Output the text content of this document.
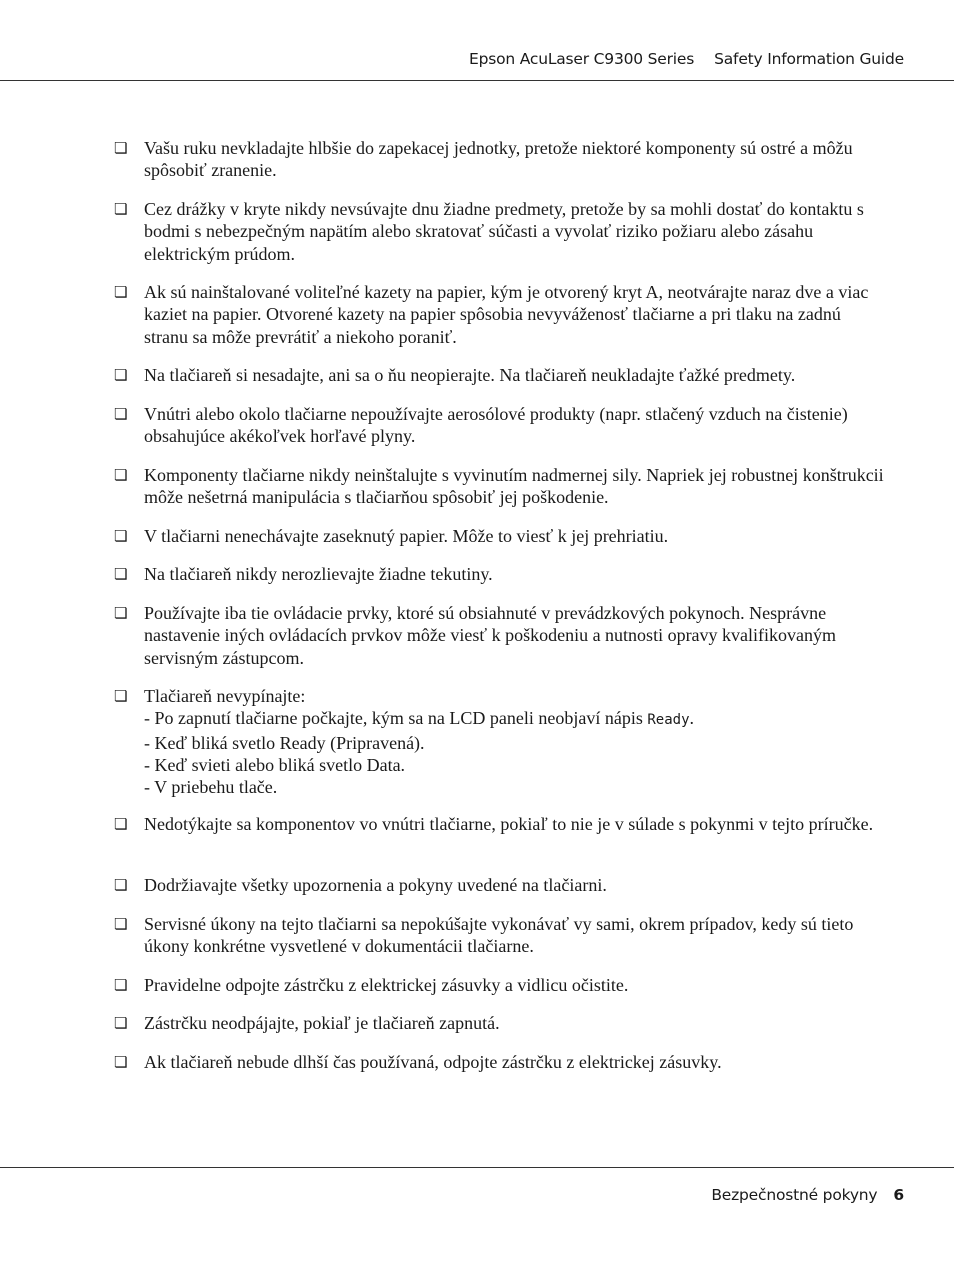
Epson AcuLaser C9300 Series Safety Information Guide
❏ Vašu ruku nevkladajte hlbšie do zapekacej jednotky, pretože niektoré komponenty sú ostré a môžu spôsobiť zranenie.
❏ Cez drážky v kryte nikdy nevsúvajte dnu žiadne predmety, pretože by sa mohli dostať do kontaktu s bodmi s nebezpečným napätím alebo skratovať súčasti a vyvolať riziko požiaru alebo zásahu elektrickým prúdom.
❏ Ak sú nainštalované voliteľné kazety na papier, kým je otvorený kryt A, neotvárajte naraz dve a viac kaziet na papier. Otvorené kazety na papier spôsobia nevyváženosť tlačiarne a pri tlaku na zadnú stranu sa môže prevrátiť a niekoho poraniť.
❏ Na tlačiareň si nesadajte, ani sa o ňu neopierajte. Na tlačiareň neukladajte ťažké predmety.
❏ Vnútri alebo okolo tlačiarne nepoužívajte aerosólové produkty (napr. stlačený vzduch na čistenie) obsahujúce akékoľvek horľavé plyny.
❏ Komponenty tlačiarne nikdy neinštalujte s vyvinutím nadmernej sily. Napriek jej robustnej konštrukcii môže nešetrná manipulácia s tlačiarňou spôsobiť jej poškodenie.
❏ V tlačiarni nenechávajte zaseknutý papier. Môže to viesť k jej prehriatiu.
❏ Na tlačiareň nikdy nerozlievajte žiadne tekutiny.
❏ Používajte iba tie ovládacie prvky, ktoré sú obsiahnuté v prevádzkových pokynoch. Nesprávne nastavenie iných ovládacích prvkov môže viesť k poškodeniu a nutnosti opravy kvalifikovaným servisným zástupcom.
❏ Tlačiareň nevypínajte:
- Po zapnutí tlačiarne počkajte, kým sa na LCD paneli neobjaví nápis Ready.
- Keď bliká svetlo Ready (Pripravená).
- Keď svieti alebo bliká svetlo Data.
- V priebehu tlače.
❏ Nedotýkajte sa komponentov vo vnútri tlačiarne, pokiaľ to nie je v súlade s pokynmi v tejto príručke.
❏ Dodržiavajte všetky upozornenia a pokyny uvedené na tlačiarni.
❏ Servisné úkony na tejto tlačiarni sa nepokúšajte vykonávať vy sami, okrem prípadov, kedy sú tieto úkony konkrétne vysvetlené v dokumentácii tlačiarne.
❏ Pravidelne odpojte zástrčku z elektrickej zásuvky a vidlicu očistite.
❏ Zástrčku neodpájajte, pokiaľ je tlačiareň zapnutá.
❏ Ak tlačiareň nebude dlhší čas používaná, odpojte zástrčku z elektrickej zásuvky.
Bezpečnostné pokyny 6
